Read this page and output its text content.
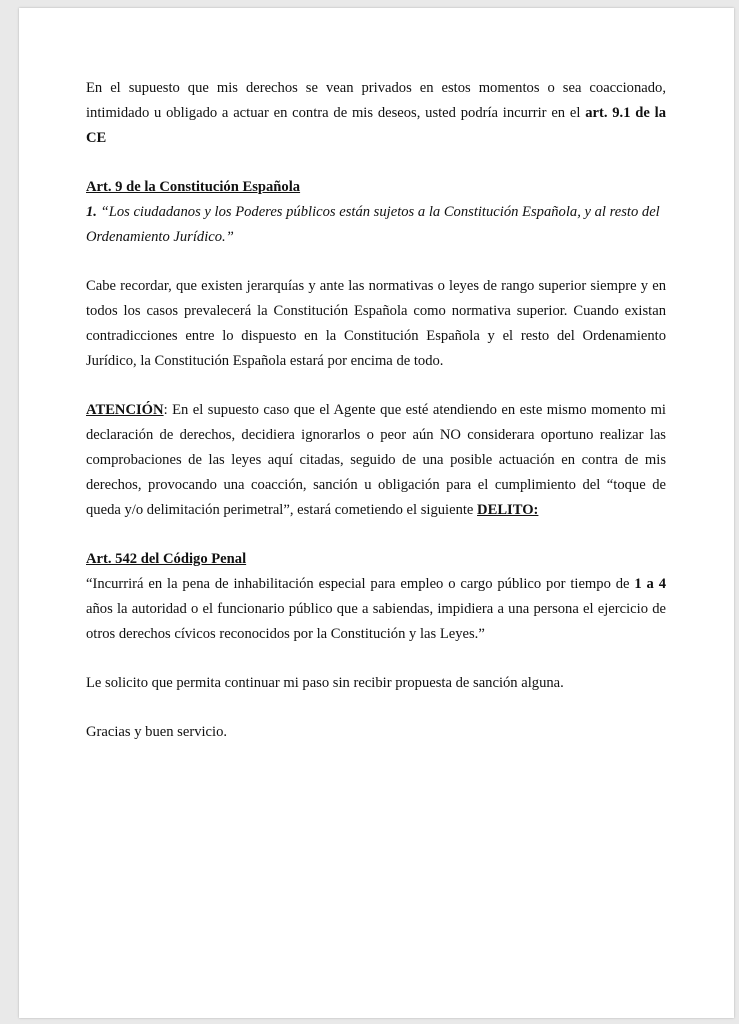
En el supuesto que mis derechos se vean privados en estos momentos o sea coaccionado, intimidado u obligado a actuar en contra de mis deseos, usted podría incurrir en el art. 9.1 de la CE

Art. 9 de la Constitución Española
1. “Los ciudadanos y los Poderes públicos están sujetos a la Constitución Española, y al resto del Ordenamiento Jurídico.”

Cabe recordar, que existen jerarquías y ante las normativas o leyes de rango superior siempre y en todos los casos prevalecerá la Constitución Española como normativa superior. Cuando existan contradicciones entre lo dispuesto en la Constitución Española y el resto del Ordenamiento Jurídico, la Constitución Española estará por encima de todo.

ATENCIÓN: En el supuesto caso que el Agente que esté atendiendo en este mismo momento mi declaración de derechos, decidiera ignorarlos o peor aún NO considerara oportuno realizar las comprobaciones de las leyes aquí citadas, seguido de una posible actuación en contra de mis derechos, provocando una coacción, sanción u obligación para el cumplimiento del “toque de queda y/o delimitación perimetral”, estará cometiendo el siguiente DELITO:

Art. 542 del Código Penal
“Incurrirá en la pena de inhabilitación especial para empleo o cargo público por tiempo de 1 a 4 años la autoridad o el funcionario público que a sabiendas, impidiera a una persona el ejercicio de otros derechos cívicos reconocidos por la Constitución y las Leyes.”

Le solicito que permita continuar mi paso sin recibir propuesta de sanción alguna.

Gracias y buen servicio.
